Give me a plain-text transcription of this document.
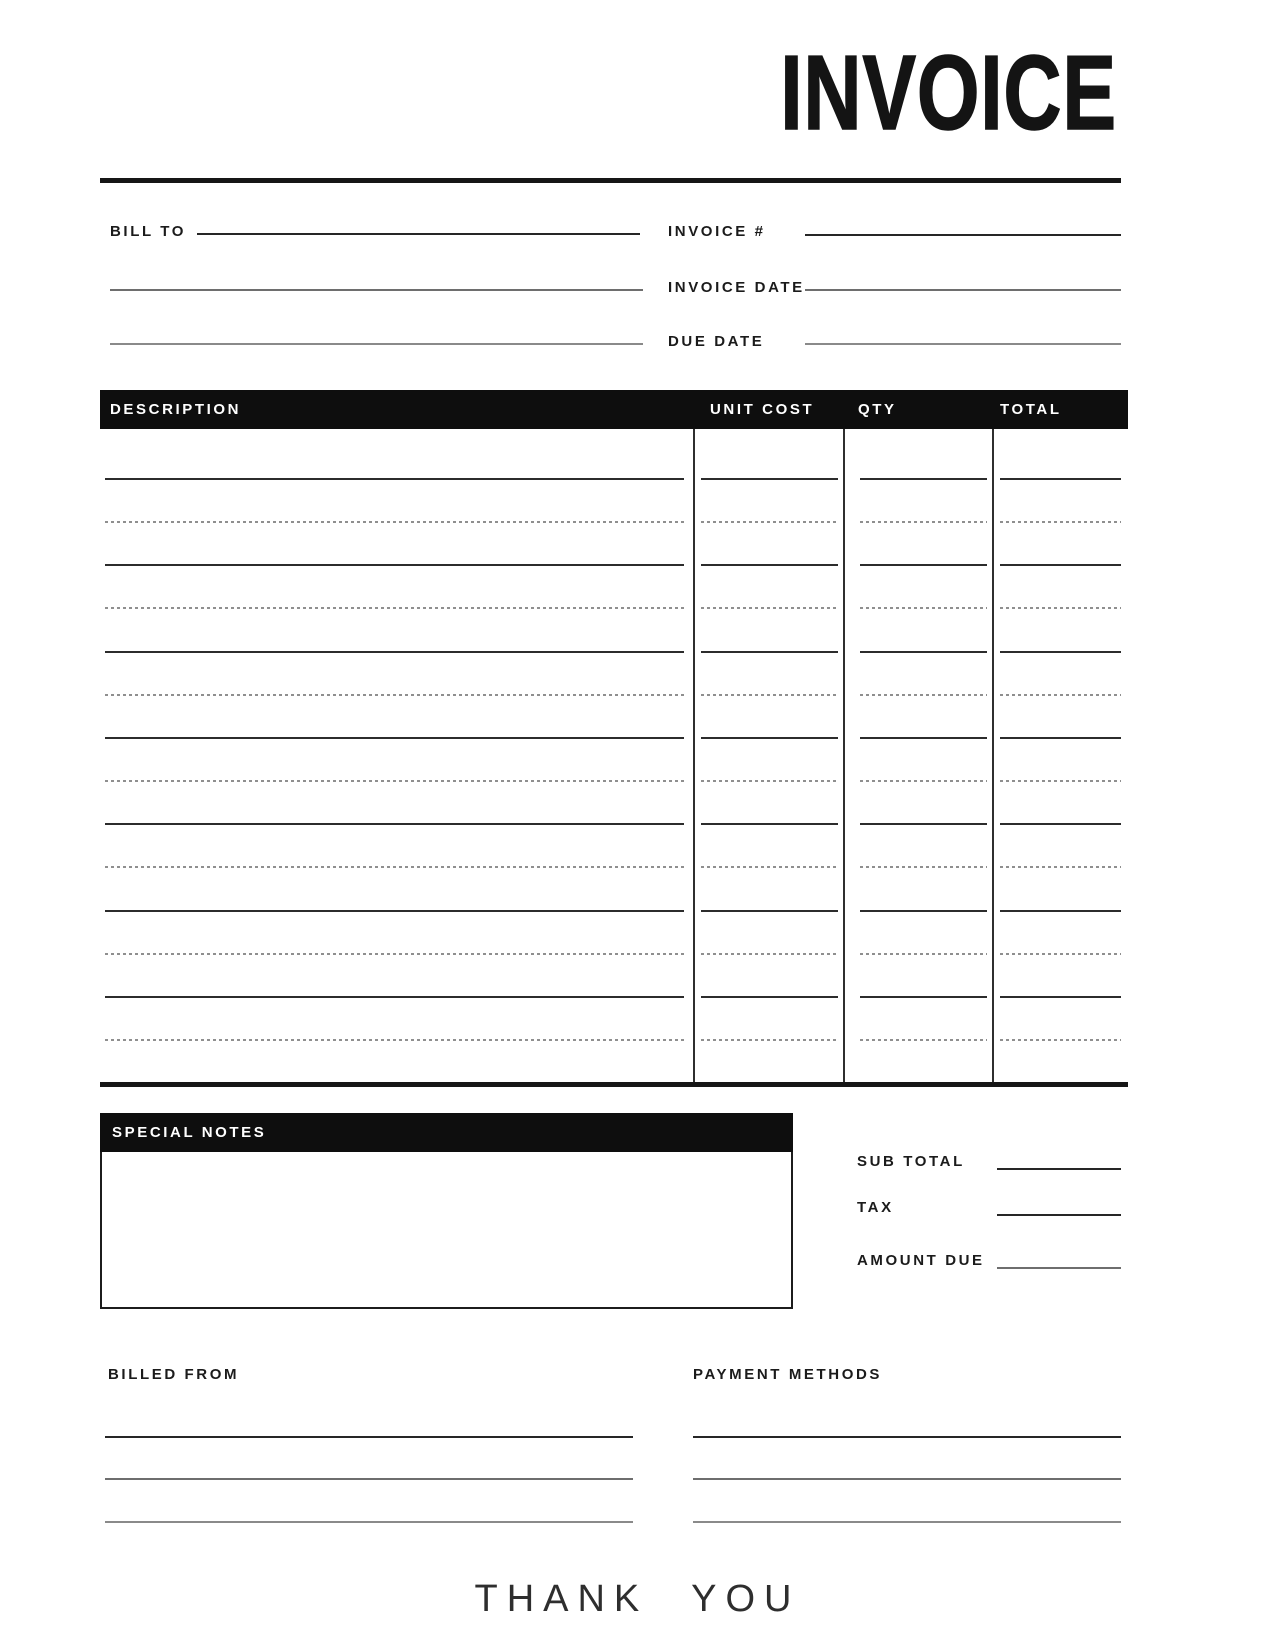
INVOICE
BILL TO	INVOICE #
INVOICE DATE
DUE DATE
DESCRIPTION	UNIT COST	QTY	TOTAL
SPECIAL NOTES
SUB TOTAL
TAX
AMOUNT DUE
BILLED FROM	PAYMENT METHODS
THANK YOU
